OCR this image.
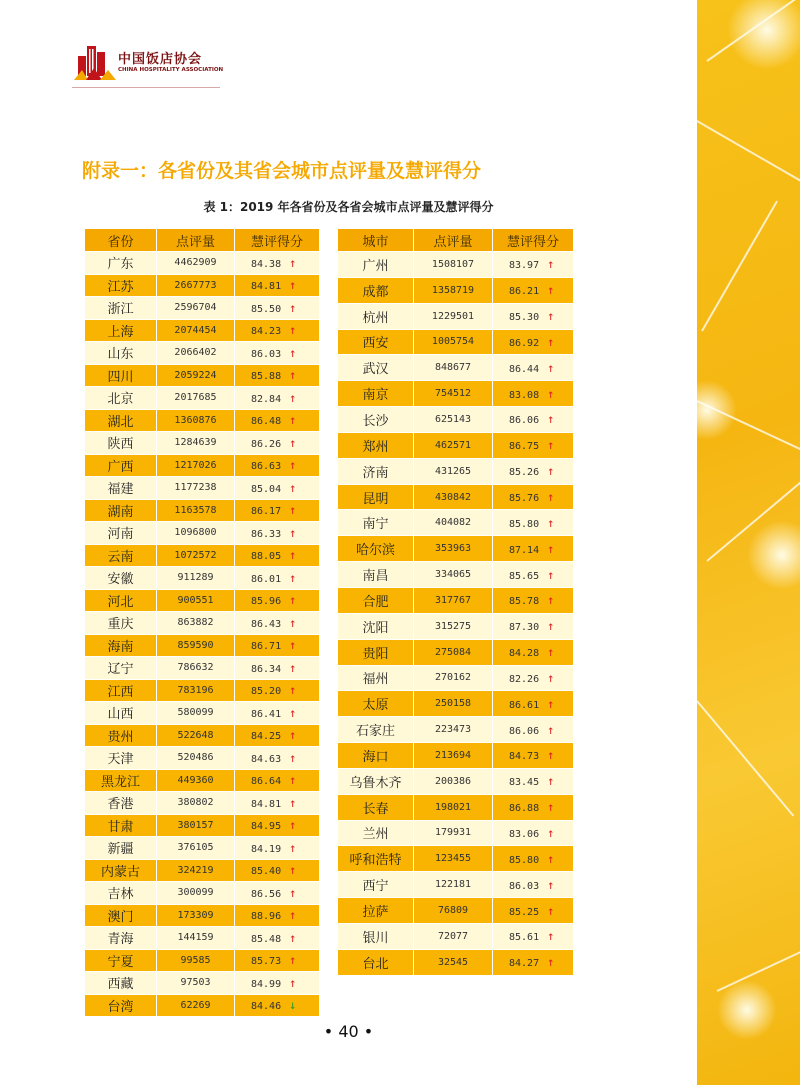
中国饭店协会
CHINA HOSPITALITY ASSOCIATION
附录一：各省份及其省会城市点评量及慧评得分
表 1：2019 年各省份及各省会城市点评量及慧评得分
省份	点评量	慧评得分
广东	4462909	84.38 ↑
江苏	2667773	84.81 ↑
浙江	2596704	85.50 ↑
上海	2074454	84.23 ↑
山东	2066402	86.03 ↑
四川	2059224	85.88 ↑
北京	2017685	82.84 ↑
湖北	1360876	86.48 ↑
陕西	1284639	86.26 ↑
广西	1217026	86.63 ↑
福建	1177238	85.04 ↑
湖南	1163578	86.17 ↑
河南	1096800	86.33 ↑
云南	1072572	88.05 ↑
安徽	911289	86.01 ↑
河北	900551	85.96 ↑
重庆	863882	86.43 ↑
海南	859590	86.71 ↑
辽宁	786632	86.34 ↑
江西	783196	85.20 ↑
山西	580099	86.41 ↑
贵州	522648	84.25 ↑
天津	520486	84.63 ↑
黑龙江	449360	86.64 ↑
香港	380802	84.81 ↑
甘肃	380157	84.95 ↑
新疆	376105	84.19 ↑
内蒙古	324219	85.40 ↑
吉林	300099	86.56 ↑
澳门	173309	88.96 ↑
青海	144159	85.48 ↑
宁夏	99585	85.73 ↑
西藏	97503	84.99 ↑
台湾	62269	84.46 ↓
城市	点评量	慧评得分
广州	1508107	83.97 ↑
成都	1358719	86.21 ↑
杭州	1229501	85.30 ↑
西安	1005754	86.92 ↑
武汉	848677	86.44 ↑
南京	754512	83.08 ↑
长沙	625143	86.06 ↑
郑州	462571	86.75 ↑
济南	431265	85.26 ↑
昆明	430842	85.76 ↑
南宁	404082	85.80 ↑
哈尔滨	353963	87.14 ↑
南昌	334065	85.65 ↑
合肥	317767	85.78 ↑
沈阳	315275	87.30 ↑
贵阳	275084	84.28 ↑
福州	270162	82.26 ↑
太原	250158	86.61 ↑
石家庄	223473	86.06 ↑
海口	213694	84.73 ↑
乌鲁木齐	200386	83.45 ↑
长春	198021	86.88 ↑
兰州	179931	83.06 ↑
呼和浩特	123455	85.80 ↑
西宁	122181	86.03 ↑
拉萨	76809	85.25 ↑
银川	72077	85.61 ↑
台北	32545	84.27 ↑
• 40 •
